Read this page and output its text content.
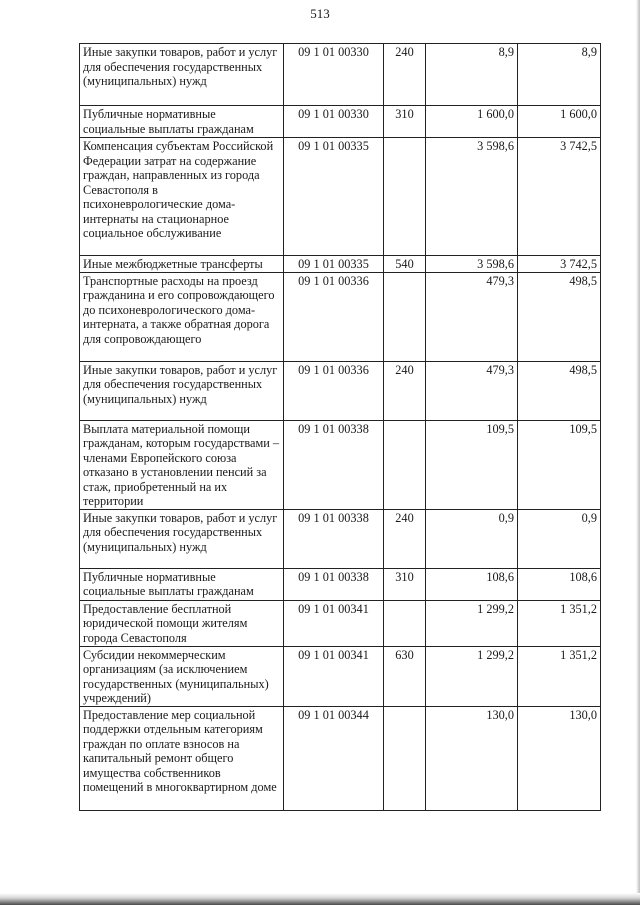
513
Иные закупки товаров, работ и услуг для обеспечения государственных (муниципальных) нужд	09 1 01 00330	240	8,9	8,9
Публичные нормативные социальные выплаты гражданам	09 1 01 00330	310	1 600,0	1 600,0
Компенсация субъектам Российской Федерации затрат на содержание граждан, направленных из города Севастополя в психоневрологические дома-интернаты на стационарное социальное обслуживание	09 1 01 00335		3 598,6	3 742,5
Иные межбюджетные трансферты	09 1 01 00335	540	3 598,6	3 742,5
Транспортные расходы на проезд гражданина и его сопровождающего до психоневрологического дома-интерната, а также обратная дорога для сопровождающего	09 1 01 00336		479,3	498,5
Иные закупки товаров, работ и услуг для обеспечения государственных (муниципальных) нужд	09 1 01 00336	240	479,3	498,5
Выплата материальной помощи гражданам, которым государствами – членами Европейского союза отказано в установлении пенсий за стаж, приобретенный на их территории	09 1 01 00338		109,5	109,5
Иные закупки товаров, работ и услуг для обеспечения государственных (муниципальных) нужд	09 1 01 00338	240	0,9	0,9
Публичные нормативные социальные выплаты гражданам	09 1 01 00338	310	108,6	108,6
Предоставление бесплатной юридической помощи жителям города Севастополя	09 1 01 00341		1 299,2	1 351,2
Субсидии некоммерческим организациям (за исключением государственных (муниципальных) учреждений)	09 1 01 00341	630	1 299,2	1 351,2
Предоставление мер социальной поддержки отдельным категориям граждан по оплате взносов на капитальный ремонт общего имущества собственников помещений в многоквартирном доме	09 1 01 00344		130,0	130,0
